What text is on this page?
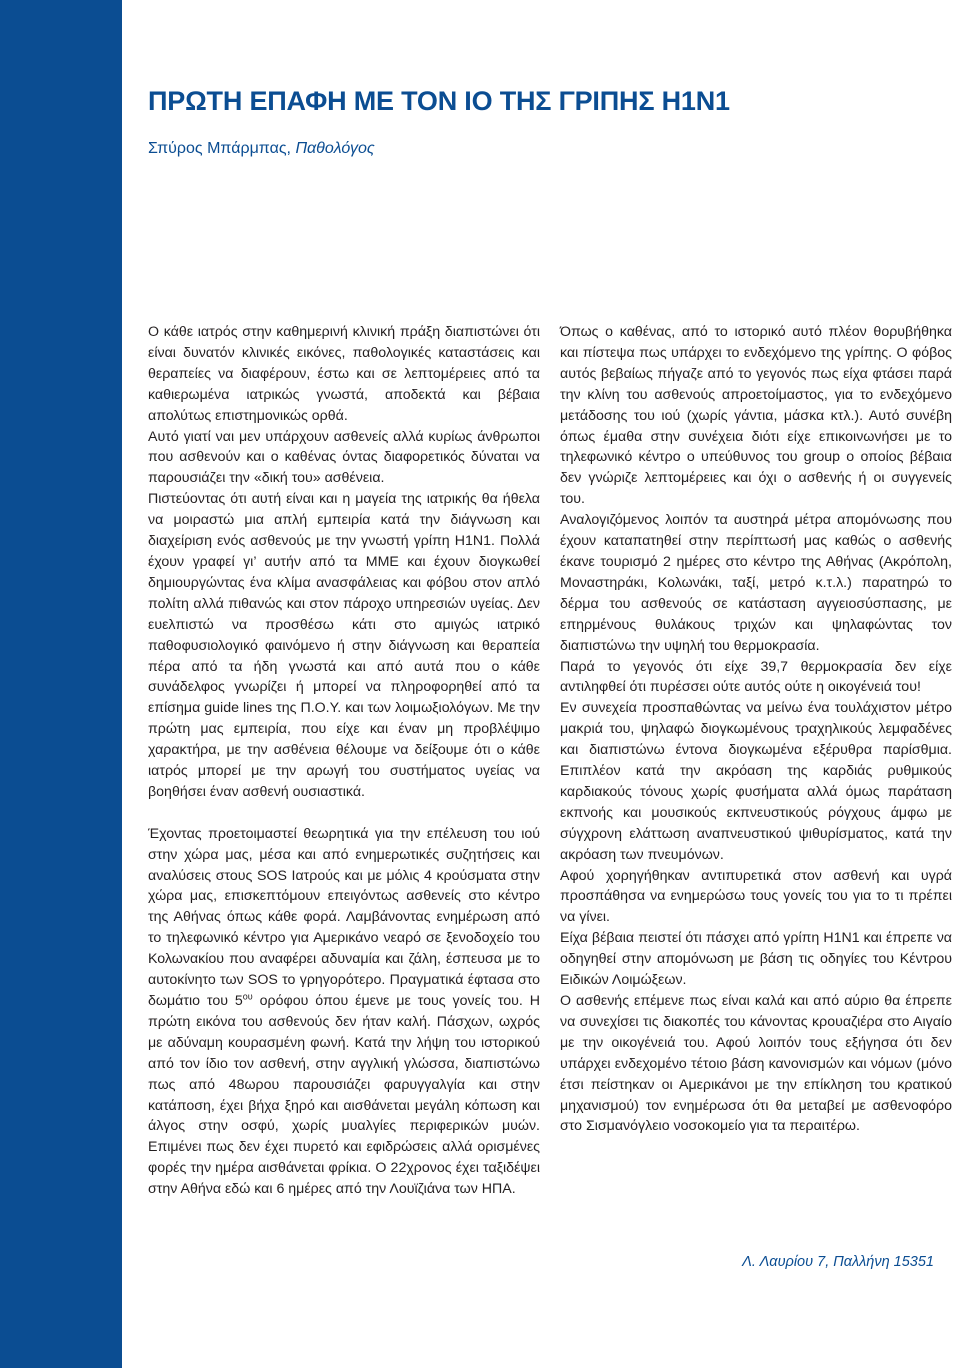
ΠΡΩΤΗ ΕΠΑΦΗ ΜΕ ΤΟΝ ΙΟ ΤΗΣ ΓΡΙΠΗΣ Η1Ν1
Σπύρος Μπάρμπας, Παθολόγος

Ο κάθε ιατρός στην καθημερινή κλινική πράξη διαπιστώνει ότι είναι δυνατόν κλινικές εικόνες, παθολογικές καταστάσεις και θεραπείες να διαφέρουν, έστω και σε λεπτομέρειες από τα καθιερωμένα ιατρικώς γνωστά, αποδεκτά και βέβαια απολύτως επιστημονικώς ορθά.

Αυτό γιατί ναι μεν υπάρχουν ασθενείς αλλά κυρίως άνθρωποι που ασθενούν και ο καθένας όντας διαφορετικός δύναται να παρουσιάζει την «δική του» ασθένεια.

Πιστεύοντας ότι αυτή είναι και η μαγεία της ιατρικής θα ήθελα να μοιραστώ μια απλή εμπειρία κατά την διάγνωση και διαχείριση ενός ασθενούς με την γνωστή γρίπη Η1Ν1. Πολλά έχουν γραφεί γι’ αυτήν από τα ΜΜΕ και έχουν διογκωθεί δημιουργώντας ένα κλίμα ανασφάλειας και φόβου στον απλό πολίτη αλλά πιθανώς και στον πάροχο υπηρεσιών υγείας. Δεν ευελπιστώ να προσθέσω κάτι στο αμιγώς ιατρικό παθοφυσιολογικό φαινόμενο ή στην διάγνωση και θεραπεία πέρα από τα ήδη γνωστά και από αυτά που ο κάθε συνάδελφος γνωρίζει ή μπορεί να πληροφορηθεί από τα επίσημα guide lines της Π.Ο.Υ. και των λοιμωξιολόγων. Με την πρώτη μας εμπειρία, που είχε και έναν μη προβλέψιμο χαρακτήρα, με την ασθένεια θέλουμε να δείξουμε ότι ο κάθε ιατρός μπορεί με την αρωγή του συστήματος υγείας να βοηθήσει έναν ασθενή ουσιαστικά.

Έχοντας προετοιμαστεί θεωρητικά για την επέλευση του ιού στην χώρα μας, μέσα και από ενημερωτικές συζητήσεις και αναλύσεις στους SOS Ιατρούς και με μόλις 4 κρούσματα στην χώρα μας, επισκεπτόμουν επειγόντως ασθενείς στο κέντρο της Αθήνας όπως κάθε φορά. Λαμβάνοντας ενημέρωση από το τηλεφωνικό κέντρο για Αμερικάνο νεαρό σε ξενοδοχείο του Κολωνακίου που αναφέρει αδυναμία και ζάλη, έσπευσα με το αυτοκίνητο των SOS το γρηγορότερο. Πραγματικά έφτασα στο δωμάτιο του $5^{o\upsilon}$ ορόφου όπου έμενε με τους γονείς του. Η πρώτη εικόνα του ασθενούς δεν ήταν καλή. Πάσχων, ωχρός με αδύναμη κουρασμένη φωνή. Κατά την λήψη του ιστορικού από τον ίδιο τον ασθενή, στην αγγλική γλώσσα, διαπιστώνω πως από 48ωρου παρουσιάζει φαρυγγαλγία και στην κατάποση, έχει βήχα ξηρό και αισθάνεται μεγάλη κόπωση και άλγος στην οσφύ, χωρίς μυαλγίες περιφερικών μυών. Επιμένει πως δεν έχει πυρετό και εφιδρώσεις αλλά ορισμένες φορές την ημέρα αισθάνεται φρίκια. Ο 22χρονος έχει ταξιδέψει στην Αθήνα εδώ και 6 ημέρες από την Λουϊζιάνα των ΗΠΑ.

Όπως ο καθένας, από το ιστορικό αυτό πλέον θορυβήθηκα και πίστεψα πως υπάρχει το ενδεχόμενο της γρίπης. Ο φόβος αυτός βεβαίως πήγαζε από το γεγονός πως είχα φτάσει παρά την κλίνη του ασθενούς απροετοίμαστος, για το ενδεχόμενο μετάδοσης του ιού (χωρίς γάντια, μάσκα κτλ.). Αυτό συνέβη όπως έμαθα στην συνέχεια διότι είχε επικοινωνήσει με το τηλεφωνικό κέντρο ο υπεύθυνος του group ο οποίος βέβαια δεν γνώριζε λεπτομέρειες και όχι ο ασθενής ή οι συγγενείς του.

Αναλογιζόμενος λοιπόν τα αυστηρά μέτρα απομόνωσης που έχουν καταπατηθεί στην περίπτωσή μας καθώς ο ασθενής έκανε τουρισμό 2 ημέρες στο κέντρο της Αθήνας (Ακρόπολη, Μοναστηράκι, Κολωνάκι, ταξί, μετρό κ.τ.λ.) παρατηρώ το δέρμα του ασθενούς σε κατάσταση αγγειοσύσπασης, με επηρμένους θυλάκους τριχών και ψηλαφώντας τον διαπιστώνω την υψηλή του θερμοκρασία.

Παρά το γεγονός ότι είχε 39,7 θερμοκρασία δεν είχε αντιληφθεί ότι πυρέσσει ούτε αυτός ούτε η οικογένειά του!

Εν συνεχεία προσπαθώντας να μείνω ένα τουλάχιστον μέτρο μακριά του, ψηλαφώ διογκωμένους τραχηλικούς λεμφαδένες και διαπιστώνω έντονα διογκωμένα εξέρυθρα παρίσθμια. Επιπλέον κατά την ακρόαση της καρδιάς ρυθμικούς καρδιακούς τόνους χωρίς φυσήματα αλλά όμως παράταση εκπνοής και μουσικούς εκπνευστικούς ρόγχους άμφω με σύγχρονη ελάττωση αναπνευστικού ψιθυρίσματος, κατά την ακρόαση των πνευμόνων.

Αφού χορηγήθηκαν αντιπυρετικά στον ασθενή και υγρά προσπάθησα να ενημερώσω τους γονείς του για το τι πρέπει να γίνει.

Είχα βέβαια πειστεί ότι πάσχει από γρίπη Η1Ν1 και έπρεπε να οδηγηθεί στην απομόνωση με βάση τις οδηγίες του Κέντρου Ειδικών Λοιμώξεων.

Ο ασθενής επέμενε πως είναι καλά και από αύριο θα έπρεπε να συνεχίσει τις διακοπές του κάνοντας κρουαζιέρα στο Αιγαίο με την οικογένειά του. Αφού λοιπόν τους εξήγησα ότι δεν υπάρχει ενδεχομένο τέτοιο βάση κανονισμών και νόμων (μόνο έτσι πείστηκαν οι Αμερικάνοι με την επίκληση του κρατικού μηχανισμού) τον ενημέρωσα ότι θα μεταβεί με ασθενοφόρο στο Σισμανόγλειο νοσοκομείο για τα περαιτέρω.

Λ. Λαυρίου 7, Παλλήνη 15351
